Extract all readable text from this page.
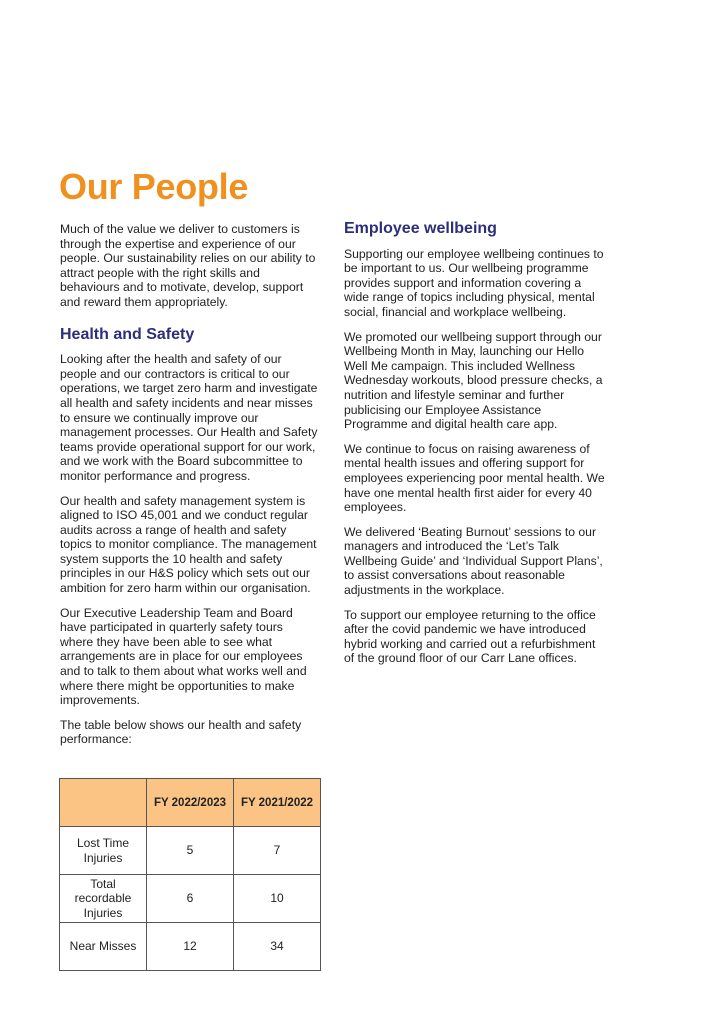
Our People

Much of the value we deliver to customers is through the expertise and experience of our people. Our sustainability relies on our ability to attract people with the right skills and behaviours and to motivate, develop, support and reward them appropriately.

Health and Safety

Looking after the health and safety of our people and our contractors is critical to our operations, we target zero harm and investigate all health and safety incidents and near misses to ensure we continually improve our management processes. Our Health and Safety teams provide operational support for our work, and we work with the Board subcommittee to monitor performance and progress.

Our health and safety management system is aligned to ISO 45,001 and we conduct regular audits across a range of health and safety topics to monitor compliance. The management system supports the 10 health and safety principles in our H&S policy which sets out our ambition for zero harm within our organisation.

Our Executive Leadership Team and Board have participated in quarterly safety tours where they have been able to see what arrangements are in place for our employees and to talk to them about what works well and where there might be opportunities to make improvements.

The table below shows our health and safety performance:

	FY 2022/2023	FY 2021/2022
Lost Time Injuries	5	7
Total recordable Injuries	6	10
Near Misses	12	34
Employee wellbeing

Supporting our employee wellbeing continues to be important to us. Our wellbeing programme provides support and information covering a wide range of topics including physical, mental social, financial and workplace wellbeing.

We promoted our wellbeing support through our Wellbeing Month in May, launching our Hello Well Me campaign. This included Wellness Wednesday workouts, blood pressure checks, a nutrition and lifestyle seminar and further publicising our Employee Assistance Programme and digital health care app.

We continue to focus on raising awareness of mental health issues and offering support for employees experiencing poor mental health. We have one mental health first aider for every 40 employees.

We delivered ‘Beating Burnout’ sessions to our managers and introduced the ‘Let’s Talk Wellbeing Guide’ and ‘Individual Support Plans’, to assist conversations about reasonable adjustments in the workplace.

To support our employee returning to the office after the covid pandemic we have introduced hybrid working and carried out a refurbishment of the ground floor of our Carr Lane offices.
